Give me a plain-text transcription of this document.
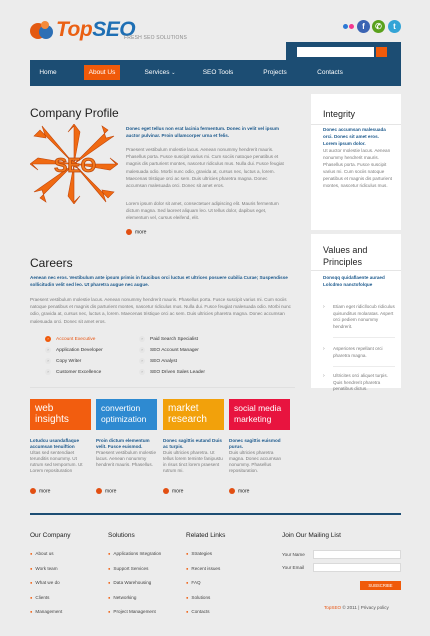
TopSEO
FRESH SEO SOLUTIONS
f	✆	t
Home	About Us	Services ⌄	SEO Tools	Projects	Contacts
Company Profile
SEO
Donec eget tellus non erat lacinia fermentum. Donec in velit vel ipsum auctor pulvinar. Proin ullamcorper urna et felis.
Praesent vestibulum molestie lacus. Aenean nonummy hendrerit mauris. Phasellus porta. Fusce suscipit varius mi. Cum sociis natoque penatibus et magnis dis parturient montes, nascetur ridiculus mus. Nulla dui. Fusce feugiat malesuada odio. Morbi nunc odio, gravida at, cursus nec, luctus a, lorem. Maecenas tristique orci ac sem. Duis ultricies pharetra magna. Donec accumsan malesuada orci. Donec sit amet eros.
Lorem ipsum dolor sit amet, consectetuer adipiscing elit. Mauris fermentum dictum magna. Sed laoreet aliquam leo. Ut tellus dolor, dapibus eget, elementum vel, cursus eleifend, elit.
more
Careers
Aenean nec eros. Vestibulum ante ipsum primis in faucibus orci luctus et ultrices posuere cubilia Curae; Suspendisse sollicitudin velit sed leo. Ut pharetra augue nec augue.
Praesent vestibulum molestie lacus. Aenean nonummy hendrerit mauris. Phasellus porta. Fusce suscipit varius mi. Cum sociis natoque penatibus et magnis dis parturient montes, nascetur ridiculus mus. Nulla dui. Fusce feugiat malesuada odio. Morbi nunc odio, gravida at, cursus nec, luctus a, lorem. Maecenas tristique orci ac sem. Duis ultricies pharetra magna. Donec accumsan malesuada orci. Donec sit amet eros.
› Account Executive
› Application Developer
› Copy Writer
› Customer Excellence
› Paid Search Specialist
› SEO Account Manager
› SEO Analyst
› SEO Driven Sales Leader
web
insights
convertion
optimization
market
research
social media
marketing
Lotudcu usandaflaque accumsan tenuiftion
Ultas sed sentendiaet terunditis nonummy. Ut rutrum sed temporrum. Ut Lorem reposituration
Proin dictum elementum velit. Fusce euismod.
Praesent vestibulum molestie lacus. Aenean nonummy hendrerit mauris. Phasellus.
Donec sagittis eutand Duis ac turpis.
Duis ultricies pharetra. Ut tellus lorem teminte fanipustu in risus tinct lorem praesent rutrum mi.
Donec sagittis euismod purus.
Duis ultricies pharetra magna. Donec accumsan nonummy. Phasellus reposituration.
more	more	more	more
Integrity
Donec accumsan malesuada orci. Donec sit amet eros. Lorem ipsum dolor.
Ut auctor molestie lacus. Aenean nonummy hendrerit mauris. Phasellus porta. Fusce suscipit varius mi. Cum sociis natoque penatibus et magnis dis parturient montes, nascetur ridiculus mus.
Values and Principles
Donsqq quidaflaente auraed Lolcdmo nanctofolque
› Etiam eget ridicllocub ridiculus quisunditus molaratas. Aspert orci pediem nonummy hendrerit.
› Asperiores repellant orci pharetra magna.
› Ultricites orci aliquet turpis. Quis hendrerit pharetra penatibus dictus.
Our Company
● About us
● Work team
● What we do
● Clients
● Management
Solutions
● Applications Integration
● Support Services
● Data Warehousing
● Networking
● Project Management
Related Links
● Strategies
● Recent issues
● FAQ
● Solutions
● Contacts
Join Our Mailing List
Your Name
Your Email
SUBSCRIBE
TopSEO © 2011 | Privacy policy
